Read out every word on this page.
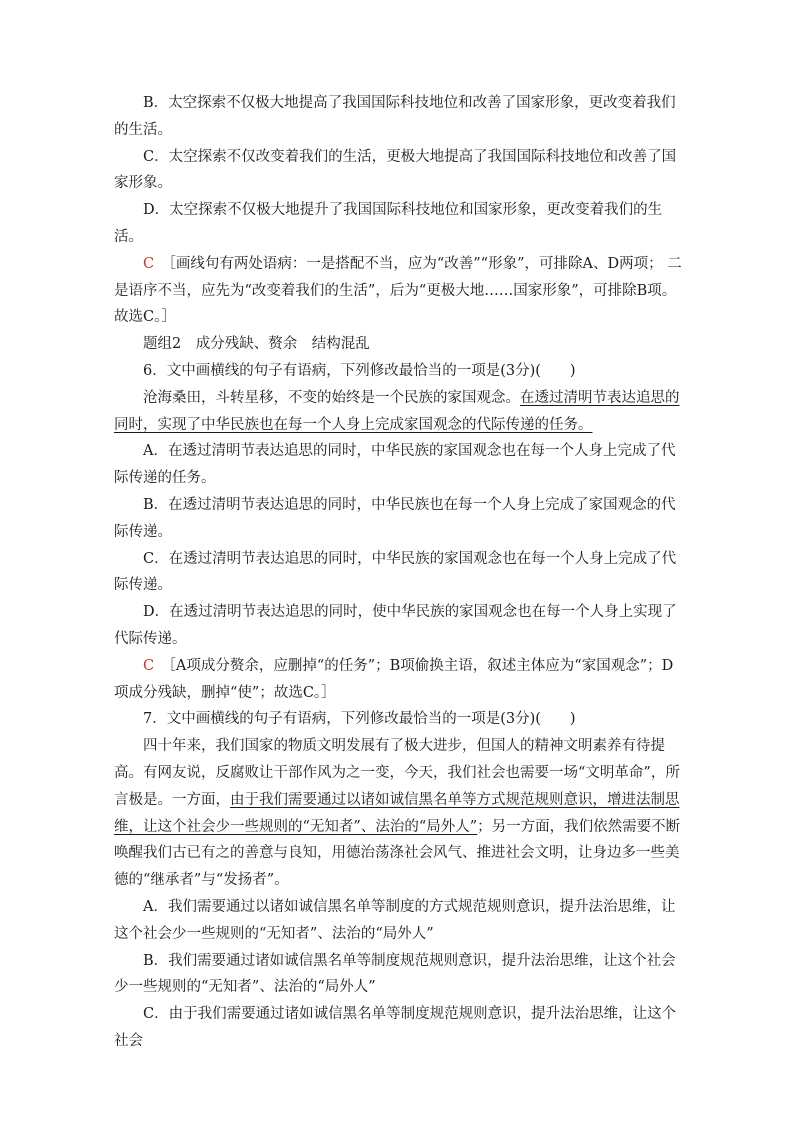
B．太空探索不仅极大地提高了我国国际科技地位和改善了国家形象，更改变着我们的生活。

C．太空探索不仅改变着我们的生活，更极大地提高了我国国际科技地位和改善了国家形象。

D．太空探索不仅极大地提升了我国国际科技地位和国家形象，更改变着我们的生活。

C　 ［画线句有两处语病：一是搭配不当，应为“改善”“形象”，可排除A、D两项； 二是语序不当，应先为“改变着我们的生活”，后为“更极大地……国家形象”，可排除B项。故选C。］

题组2　成分残缺、赘余　结构混乱

6．文中画横线的句子有语病，下列修改最恰当的一项是(3分)(　　)

沧海桑田，斗转星移，不变的始终是一个民族的家国观念。在透过清明节表达追思的同时，实现了中华民族也在每一个人身上完成家国观念的代际传递的任务。

A．在透过清明节表达追思的同时，中华民族的家国观念也在每一个人身上完成了代际传递的任务。

B．在透过清明节表达追思的同时，中华民族也在每一个人身上完成了家国观念的代际传递。

C．在透过清明节表达追思的同时，中华民族的家国观念也在每一个人身上完成了代际传递。

D．在透过清明节表达追思的同时，使中华民族的家国观念也在每一个人身上实现了代际传递。

C　 ［A项成分赘余，应删掉“的任务”；B项偷换主语，叙述主体应为“家国观念”；D项成分残缺，删掉“使”；故选C。］

7．文中画横线的句子有语病，下列修改最恰当的一项是(3分)(　　)

四十年来，我们国家的物质文明发展有了极大进步，但国人的精神文明素养有待提高。有网友说，反腐败让干部作风为之一变，今天，我们社会也需要一场“文明革命”，所言极是。一方面，由于我们需要通过以诸如诚信黑名单等方式规范规则意识，增进法制思维，让这个社会少一些规则的“无知者”、法治的“局外人”；另一方面，我们依然需要不断唤醒我们古已有之的善意与良知，用德治荡涤社会风气、推进社会文明，让身边多一些美德的“继承者”与“发扬者”。

A．我们需要通过以诸如诚信黑名单等制度的方式规范规则意识，提升法治思维，让这个社会少一些规则的“无知者”、法治的“局外人”

B．我们需要通过诸如诚信黑名单等制度规范规则意识，提升法治思维，让这个社会少一些规则的“无知者”、法治的“局外人”

C．由于我们需要通过诸如诚信黑名单等制度规范规则意识，提升法治思维，让这个社会
